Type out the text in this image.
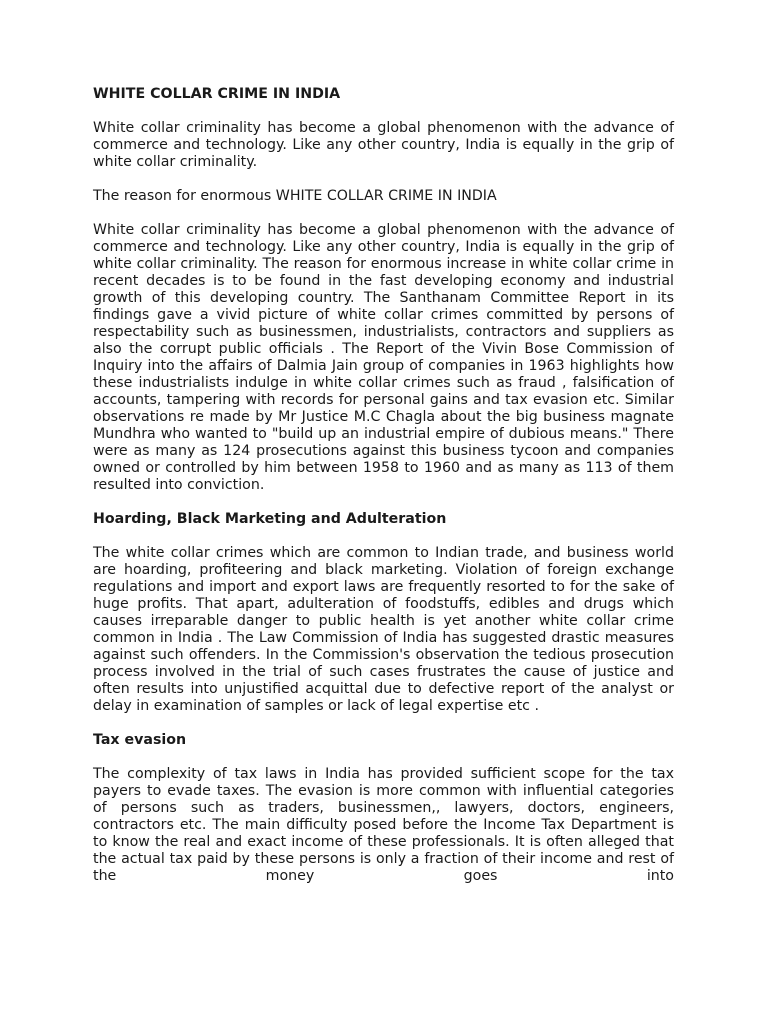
WHITE COLLAR CRIME IN INDIA

White collar criminality has become a global phenomenon with the advance of commerce and technology. Like any other country, India is equally in the grip of white collar criminality.

The reason for enormous WHITE COLLAR CRIME IN INDIA

White collar criminality has become a global phenomenon with the advance of commerce and technology. Like any other country, India is equally in the grip of white collar criminality. The reason for enormous increase in white collar crime in recent decades is to be found in the fast developing economy and industrial growth of this developing country. The Santhanam Committee Report in its findings gave a vivid picture of white collar crimes committed by persons of respectability such as businessmen, industrialists, contractors and suppliers as also the corrupt public officials . The Report of the Vivin Bose Commission of Inquiry into the affairs of Dalmia Jain group of companies in 1963 highlights how these industrialists indulge in white collar crimes such as fraud , falsification of accounts, tampering with records for personal gains and tax evasion etc. Similar observations re made by Mr Justice M.C Chagla about the big business magnate Mundhra who wanted to "build up an industrial empire of dubious means." There were as many as 124 prosecutions against this business tycoon and companies owned or controlled by him between 1958 to 1960 and as many as 113 of them resulted into conviction.

Hoarding, Black Marketing and Adulteration

The white collar crimes which are common to Indian trade, and business world are hoarding, profiteering and black marketing. Violation of foreign exchange regulations and import and export laws are frequently resorted to for the sake of huge profits. That apart, adulteration of foodstuffs, edibles and drugs which causes irreparable danger to public health is yet another white collar crime common in India . The Law Commission of India has suggested drastic measures against such offenders. In the Commission's observation the tedious prosecution process involved in the trial of such cases frustrates the cause of justice and often results into unjustified acquittal due to defective report of the analyst or delay in examination of samples or lack of legal expertise etc .

Tax evasion

The complexity of tax laws in India has provided sufficient scope for the tax payers to evade taxes. The evasion is more common with influential categories of persons such as traders, businessmen,, lawyers, doctors, engineers, contractors etc. The main difficulty posed before the Income Tax Department is to know the real and exact income of these professionals. It is often alleged that the actual tax paid by these persons is only a fraction of their income and rest of the money goes into
